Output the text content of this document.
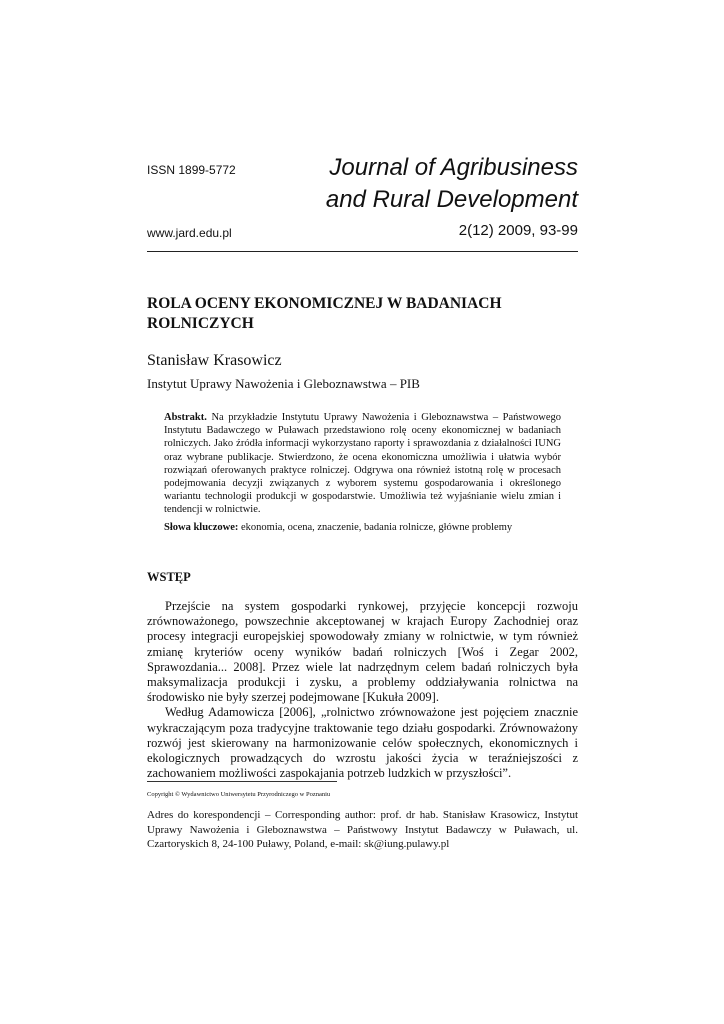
ISSN 1899-5772	Journal of Agribusiness
and Rural Development
www.jard.edu.pl	2(12) 2009, 93-99
ROLA OCENY EKONOMICZNEJ W BADANIACH
ROLNICZYCH
Stanisław Krasowicz
Instytut Uprawy Nawożenia i Gleboznawstwa – PIB
Abstrakt. Na przykładzie Instytutu Uprawy Nawożenia i Gleboznawstwa – Państwowego Instytutu Badawczego w Puławach przedstawiono rolę oceny ekonomicznej w badaniach rolniczych. Jako źródła informacji wykorzystano raporty i sprawozdania z działalności IUNG oraz wybrane publikacje. Stwierdzono, że ocena ekonomiczna umożliwia i ułatwia wybór rozwiązań oferowanych praktyce rolniczej. Odgrywa ona również istotną rolę w procesach podejmowania decyzji związanych z wyborem systemu gospodarowania i określonego wariantu technologii produkcji w gospodarstwie. Umożliwia też wyjaśnianie wielu zmian i tendencji w rolnictwie.
Słowa kluczowe: ekonomia, ocena, znaczenie, badania rolnicze, główne problemy
WSTĘP

Przejście na system gospodarki rynkowej, przyjęcie koncepcji rozwoju zrównoważonego, powszechnie akceptowanej w krajach Europy Zachodniej oraz procesy integracji europejskiej spowodowały zmiany w rolnictwie, w tym również zmianę kryteriów oceny wyników badań rolniczych [Woś i Zegar 2002, Sprawozdania... 2008]. Przez wiele lat nadrzędnym celem badań rolniczych była maksymalizacja produkcji i zysku, a problemy oddziaływania rolnictwa na środowisko nie były szerzej podejmowane [Kukuła 2009].

Według Adamowicza [2006], „rolnictwo zrównoważone jest pojęciem znacznie wykraczającym poza tradycyjne traktowanie tego działu gospodarki. Zrównoważony rozwój jest skierowany na harmonizowanie celów społecznych, ekonomicznych i ekologicznych prowadzących do wzrostu jakości życia w teraźniejszości z zachowaniem możliwości zaspokajania potrzeb ludzkich w przyszłości”.

Copyright © Wydawnictwo Uniwersytetu Przyrodniczego w Poznaniu
Adres do korespondencji – Corresponding author: prof. dr hab. Stanisław Krasowicz, Instytut Uprawy Nawożenia i Gleboznawstwa – Państwowy Instytut Badawczy w Puławach, ul. Czartoryskich 8, 24-100 Puławy, Poland, e-mail: sk@iung.pulawy.pl
